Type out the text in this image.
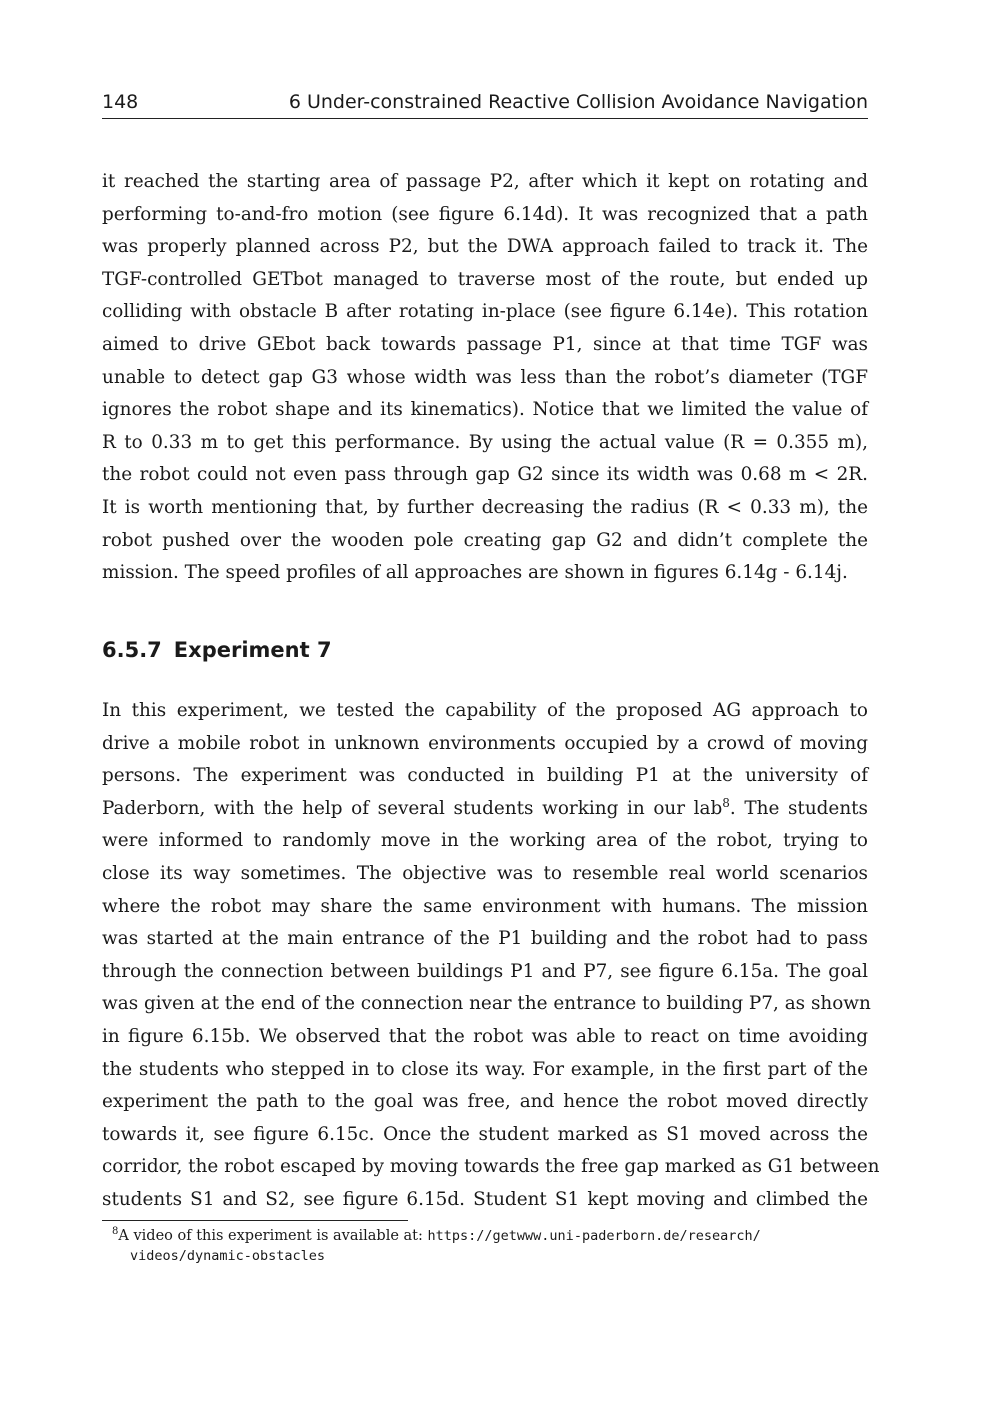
148	6 Under-constrained Reactive Collision Avoidance Navigation
it reached the starting area of passage P2, after which it kept on rotating and
performing to-and-fro motion (see figure 6.14d). It was recognized that a path
was properly planned across P2, but the DWA approach failed to track it. The
TGF-controlled GETbot managed to traverse most of the route, but ended up
colliding with obstacle B after rotating in-place (see figure 6.14e). This rotation
aimed to drive GEbot back towards passage P1, since at that time TGF was
unable to detect gap G3 whose width was less than the robot’s diameter (TGF
ignores the robot shape and its kinematics). Notice that we limited the value of
R to 0.33 m to get this performance. By using the actual value (R = 0.355 m),
the robot could not even pass through gap G2 since its width was 0.68 m < 2R.
It is worth mentioning that, by further decreasing the radius (R < 0.33 m), the
robot pushed over the wooden pole creating gap G2 and didn’t complete the
mission. The speed profiles of all approaches are shown in figures 6.14g - 6.14j.
6.5.7 Experiment 7
In this experiment, we tested the capability of the proposed AG approach to
drive a mobile robot in unknown environments occupied by a crowd of moving
persons. The experiment was conducted in building P1 at the university of
Paderborn, with the help of several students working in our lab$^8$. The students
were informed to randomly move in the working area of the robot, trying to
close its way sometimes. The objective was to resemble real world scenarios
where the robot may share the same environment with humans. The mission
was started at the main entrance of the P1 building and the robot had to pass
through the connection between buildings P1 and P7, see figure 6.15a. The goal
was given at the end of the connection near the entrance to building P7, as shown
in figure 6.15b. We observed that the robot was able to react on time avoiding
the students who stepped in to close its way. For example, in the first part of the
experiment the path to the goal was free, and hence the robot moved directly
towards it, see figure 6.15c. Once the student marked as S1 moved across the
corridor, the robot escaped by moving towards the free gap marked as G1 between
students S1 and S2, see figure 6.15d. Student S1 kept moving and climbed the
$^8$A video of this experiment is available at: https://getwww.uni-paderborn.de/research/
videos/dynamic-obstacles
